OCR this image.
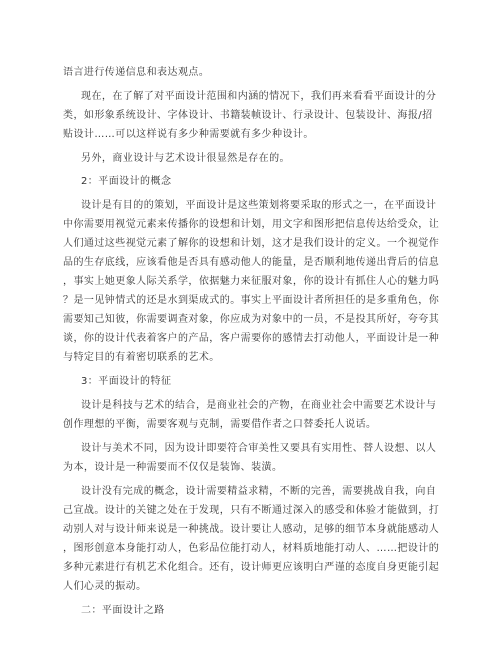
语言进行传递信息和表达观点。
现在，在了解了对平面设计范围和内涵的情况下，我们再来看看平面设计的分
类，如形象系统设计、字体设计、书籍装帧设计、行录设计、包装设计、海报/招
贴设计……可以这样说有多少种需要就有多少种设计。
另外，商业设计与艺术设计很显然是存在的。
2：平面设计的概念
设计是有目的的策划，平面设计是这些策划将要采取的形式之一，在平面设计
中你需要用视觉元素来传播你的设想和计划，用文字和图形把信息传达给受众，让
人们通过这些视觉元素了解你的设想和计划，这才是我们设计的定义。一个视觉作
品的生存底线，应该看他是否具有感动他人的能量，是否顺利地传递出背后的信息
，事实上她更象人际关系学，依据魅力来征服对象，你的设计有抓住人心的魅力吗
？是一见钟情式的还是水到渠成式的。事实上平面设计者所担任的是多重角色，你
需要知己知彼，你需要调查对象，你应成为对象中的一员，不是投其所好，夸夸其
谈，你的设计代表着客户的产品，客户需要你的感情去打动他人，平面设计是一种
与特定目的有着密切联系的艺术。
3：平面设计的特征
设计是科技与艺术的结合，是商业社会的产物，在商业社会中需要艺术设计与
创作理想的平衡，需要客观与克制，需要借作者之口替委托人说话。
设计与美术不同，因为设计即要符合审美性又要具有实用性、替人设想、以人
为本，设计是一种需要而不仅仅是装饰、装潢。
设计没有完成的概念，设计需要精益求精，不断的完善，需要挑战自我，向自
己宣战。设计的关键之处在于发现，只有不断通过深入的感受和体验才能做到，打
动别人对与设计师来说是一种挑战。设计要让人感动，足够的细节本身就能感动人
，图形创意本身能打动人，色彩品位能打动人，材料质地能打动人、……把设计的
多种元素进行有机艺术化组合。还有，设计师更应该明白严谨的态度自身更能引起
人们心灵的振动。
二：平面设计之路
